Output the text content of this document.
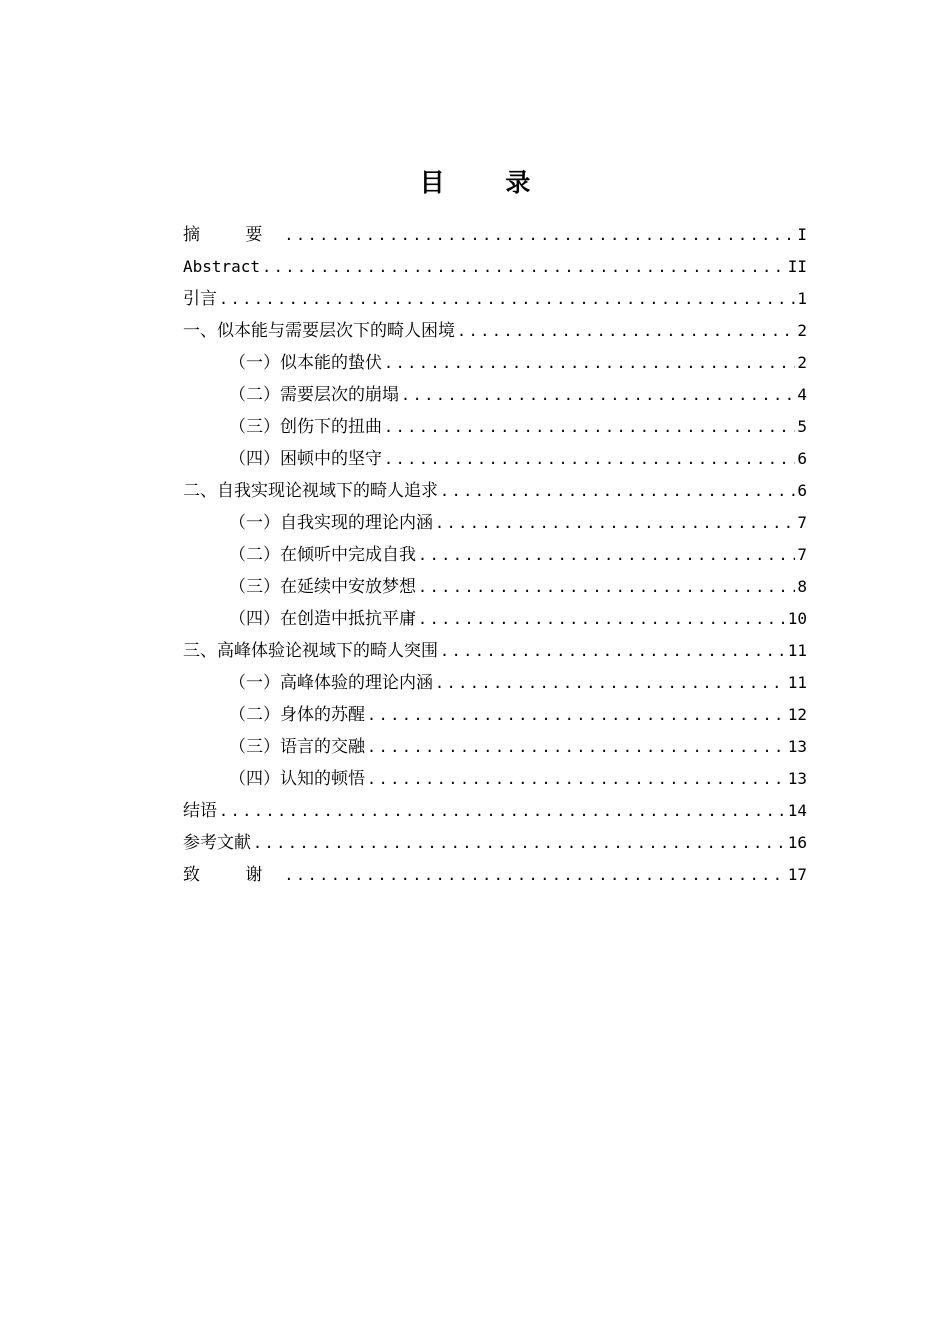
目 录
摘 要 .....	I
Abstract .....	II
引言 .....	1
一、似本能与需要层次下的畸人困境 .....	2
（一）似本能的蛰伏 .....	2
（二）需要层次的崩塌 .....	4
（三）创伤下的扭曲 .....	5
（四）困顿中的坚守 .....	6
二、自我实现论视域下的畸人追求 .....	6
（一）自我实现的理论内涵 .....	7
（二）在倾听中完成自我 .....	7
（三）在延续中安放梦想 .....	8
（四）在创造中抵抗平庸 .....	10
三、高峰体验论视域下的畸人突围 .....	11
（一）高峰体验的理论内涵 .....	11
（二）身体的苏醒 .....	12
（三）语言的交融 .....	13
（四）认知的顿悟 .....	13
结语 .....	14
参考文献 .....	16
致 谢 .....	17
